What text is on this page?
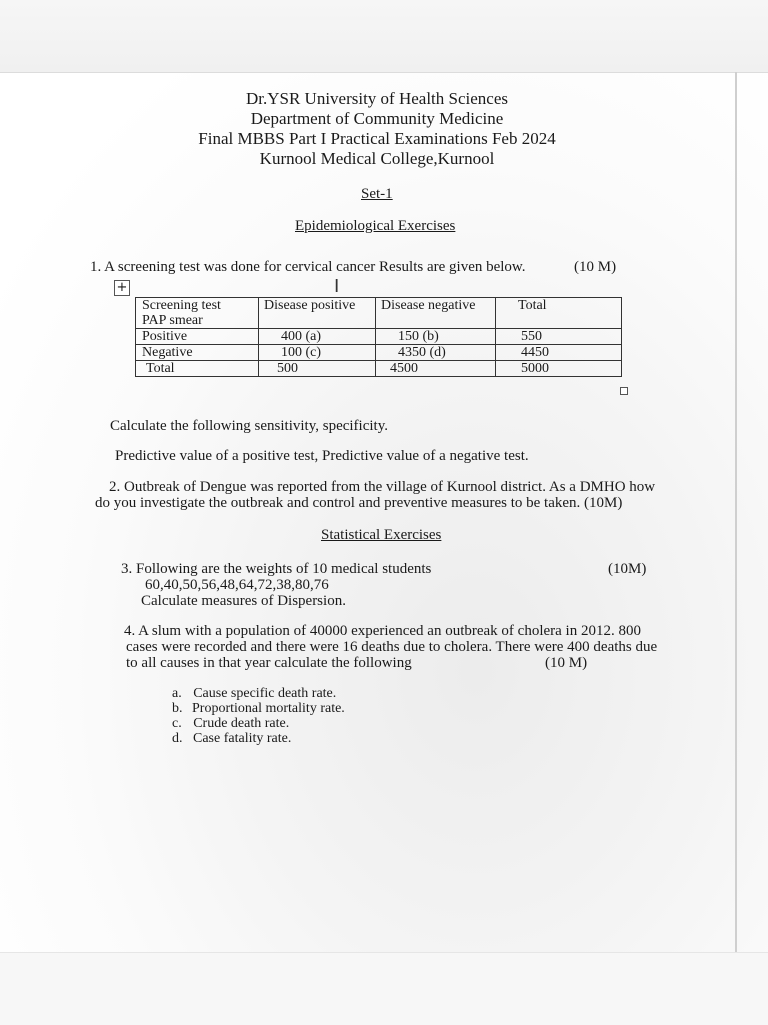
Dr.YSR University of Health Sciences
Department of Community Medicine
Final MBBS Part I Practical Examinations Feb 2024
Kurnool Medical College,Kurnool
Set-1
Epidemiological Exercises
1. A screening test was done for cervical cancer Results are given below.	(10 M)
I
+
Screening test
PAP smear	Disease positive	Disease negative	Total
Positive	400 (a)	150 (b)	550
Negative	100 (c)	4350 (d)	4450
Total	500	4500	5000
Calculate the following sensitivity, specificity.
Predictive value of a positive test, Predictive value of a negative test.
2. Outbreak of Dengue was reported from the village of Kurnool district. As a DMHO how
do you investigate the outbreak and control and preventive measures to be taken. (10M)
Statistical Exercises
3. Following are the weights of 10 medical students	(10M)
60,40,50,56,48,64,72,38,80,76
Calculate measures of Dispersion.
4. A slum with a population of 40000 experienced an outbreak of cholera in 2012. 800
cases were recorded and there were 16 deaths due to cholera. There were 400 deaths due
to all causes in that year calculate the following	(10 M)
a. Cause specific death rate.
b. Proportional mortality rate.
c. Crude death rate.
d. Case fatality rate.
